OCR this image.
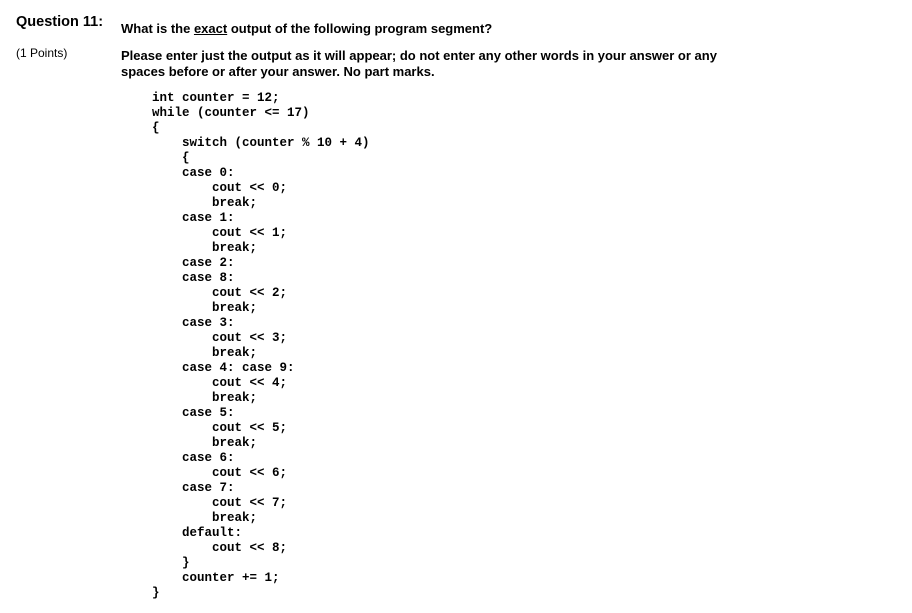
Question 11:
(1 Points)
What is the exact output of the following program segment?
Please enter just the output as it will appear; do not enter any other words in your answer or any spaces before or after your answer. No part marks.
int counter = 12;
while (counter <= 17)
{
switch (counter % 10 + 4)
{
case 0:
cout << 0;
break;
case 1:
cout << 1;
break;
case 2:
case 8:
cout << 2;
break;
case 3:
cout << 3;
break;
case 4: case 9:
cout << 4;
break;
case 5:
cout << 5;
break;
case 6:
cout << 6;
case 7:
cout << 7;
break;
default:
cout << 8;
}
counter += 1;
}
